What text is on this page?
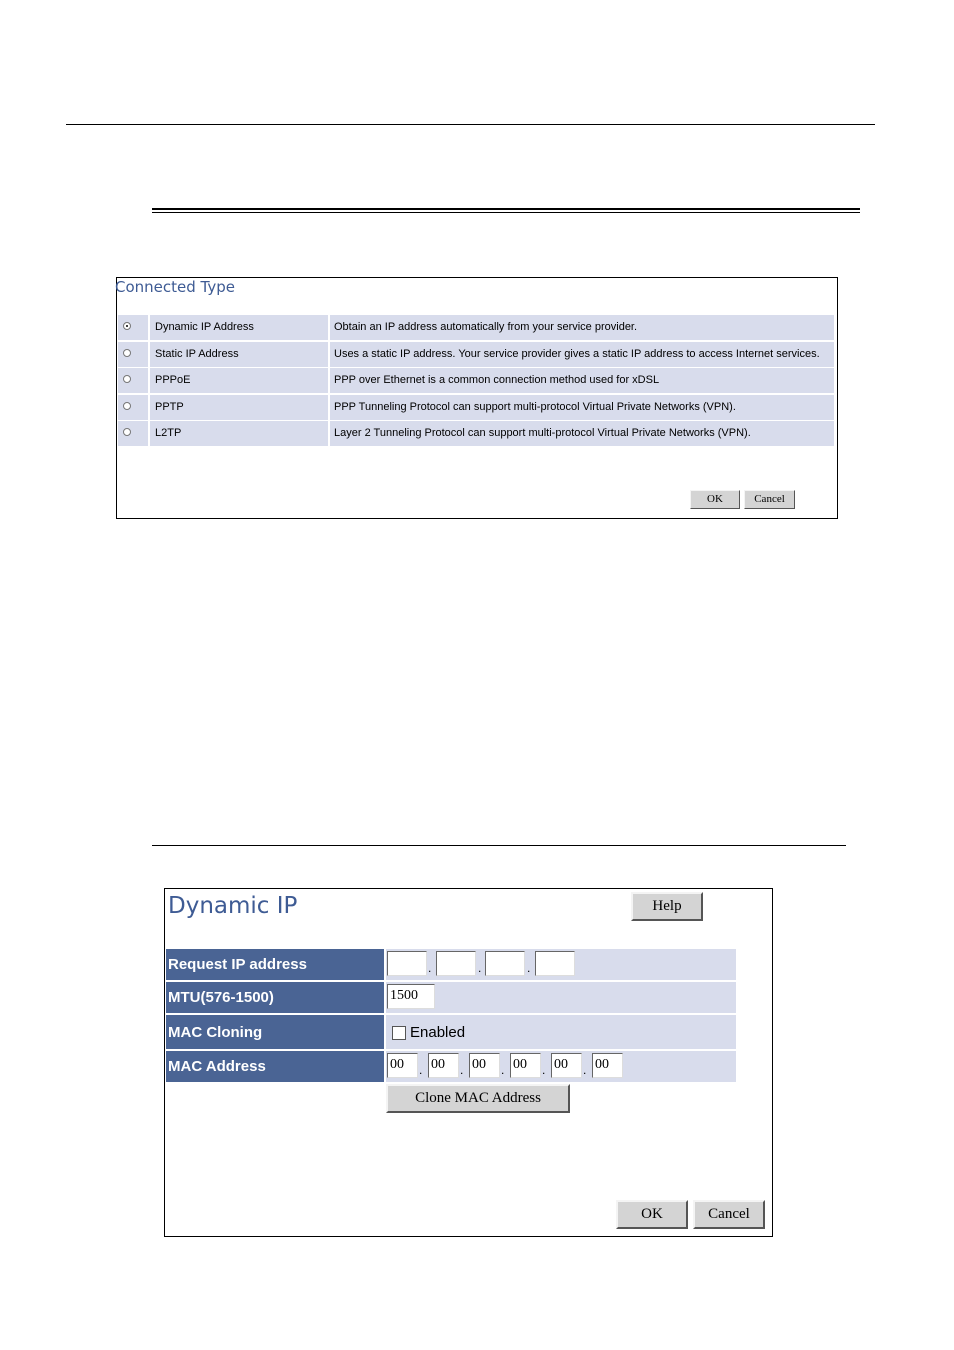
Connected Type
Dynamic IP Address	Obtain an IP address automatically from your service provider.
Static IP Address	Uses a static IP address. Your service provider gives a static IP address to access Internet services.
PPPoE	PPP over Ethernet is a common connection method used for xDSL
PPTP	PPP Tunneling Protocol can support multi-protocol Virtual Private Networks (VPN).
L2TP	Layer 2 Tunneling Protocol can support multi-protocol Virtual Private Networks (VPN).
OK	Cancel
Dynamic IP	Help
Request IP address	.	.	.
MTU(576-1500)	1500
MAC Cloning	Enabled
MAC Address	00	. 00	. 00	. 00	. 00	. 00
Clone MAC Address
OK	Cancel
